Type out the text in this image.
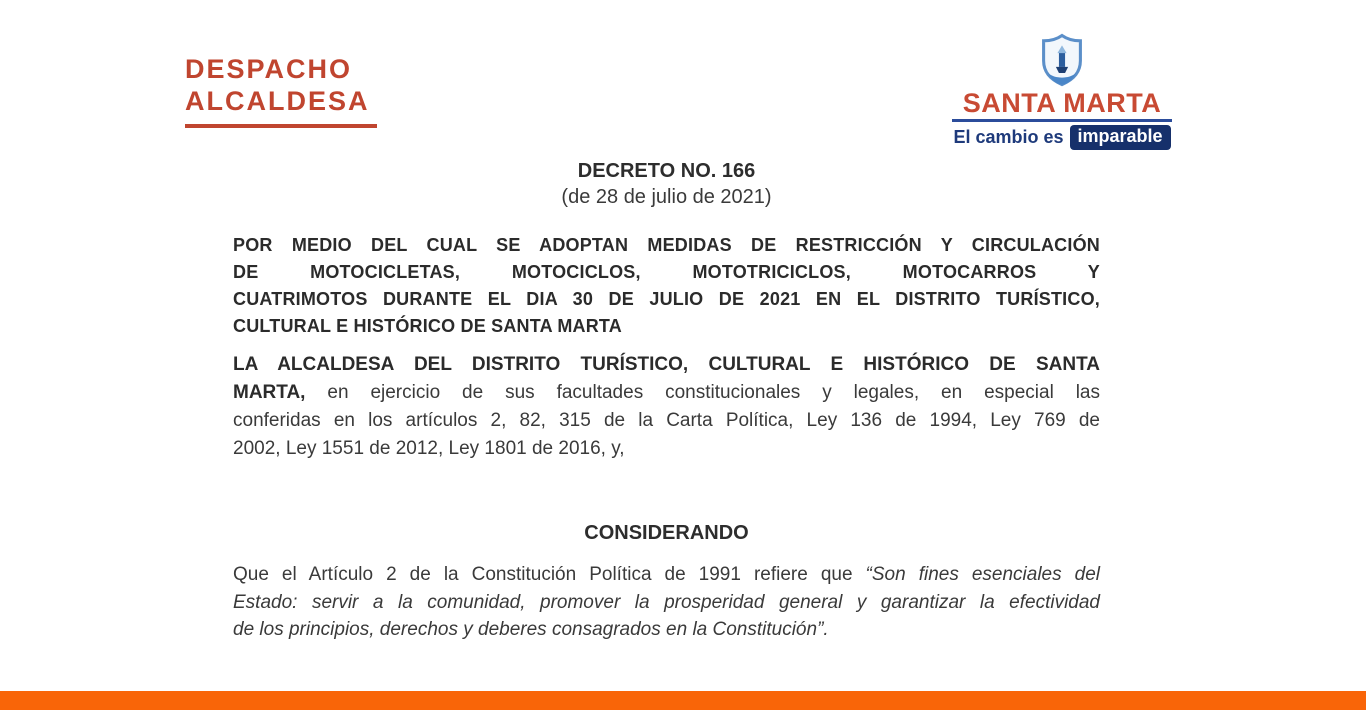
DESPACHO
ALCALDESA	SANTA MARTA
El cambio es imparable
DECRETO NO. 166
(de 28 de julio de 2021)
POR MEDIO DEL CUAL SE ADOPTAN MEDIDAS DE RESTRICCIÓN Y CIRCULACIÓN
DE MOTOCICLETAS, MOTOCICLOS, MOTOTRICICLOS, MOTOCARROS Y
CUATRIMOTOS DURANTE EL DIA 30 DE JULIO DE 2021 EN EL DISTRITO TURÍSTICO,
CULTURAL E HISTÓRICO DE SANTA MARTA
LA ALCALDESA DEL DISTRITO TURÍSTICO, CULTURAL E HISTÓRICO DE SANTA
MARTA, en ejercicio de sus facultades constitucionales y legales, en especial las
conferidas en los artículos 2, 82, 315 de la Carta Política, Ley 136 de 1994, Ley 769 de
2002, Ley 1551 de 2012, Ley 1801 de 2016, y,
CONSIDERANDO
Que el Artículo 2 de la Constitución Política de 1991 refiere que “Son fines esenciales del
Estado: servir a la comunidad, promover la prosperidad general y garantizar la efectividad
de los principios, derechos y deberes consagrados en la Constitución”.
